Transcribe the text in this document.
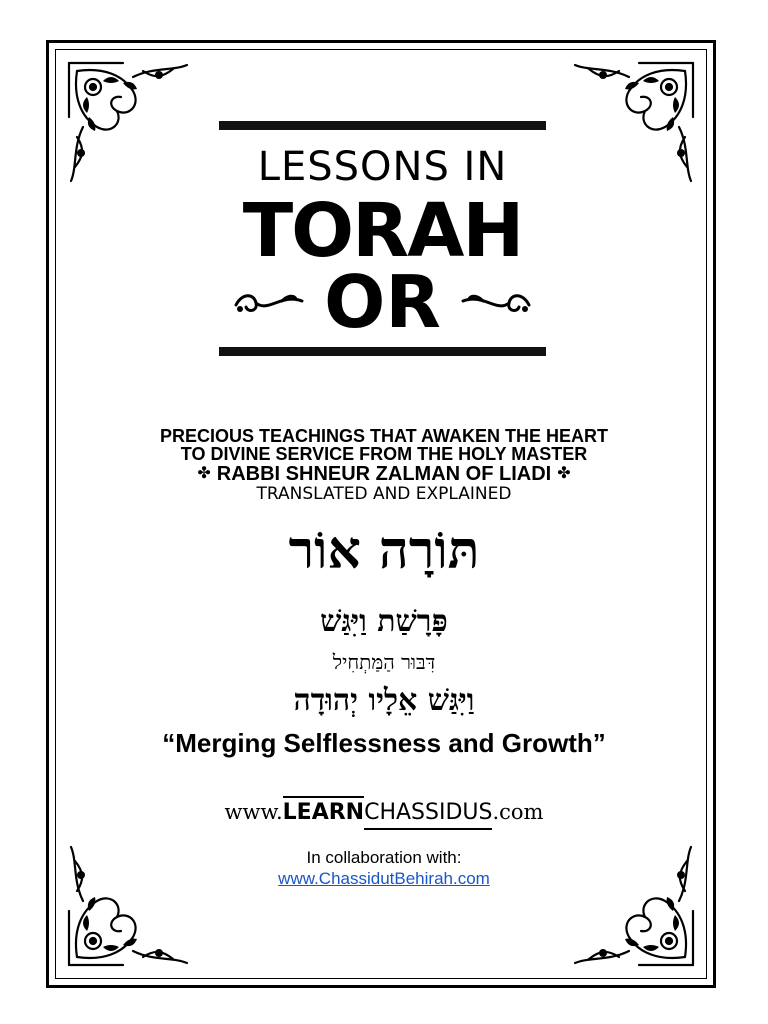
LESSONS IN
TORAH
OR
PRECIOUS TEACHINGS THAT AWAKEN THE HEART
TO DIVINE SERVICE FROM THE HOLY MASTER
✤ RABBI SHNEUR ZALMAN OF LIADI ✤
TRANSLATED AND EXPLAINED
תּוֹרָה אוֹר
פָּרָשַׁת וַיִּגַּשׁ
דִּבּוּר הַמַּתְחִיל
וַיִּגַּשׁ אֵלָיו יְהוּדָה
“Merging Selflessness and Growth”
www. LEARN CHASSIDUS .com
In collaboration with:
www.ChassidutBehirah.com
